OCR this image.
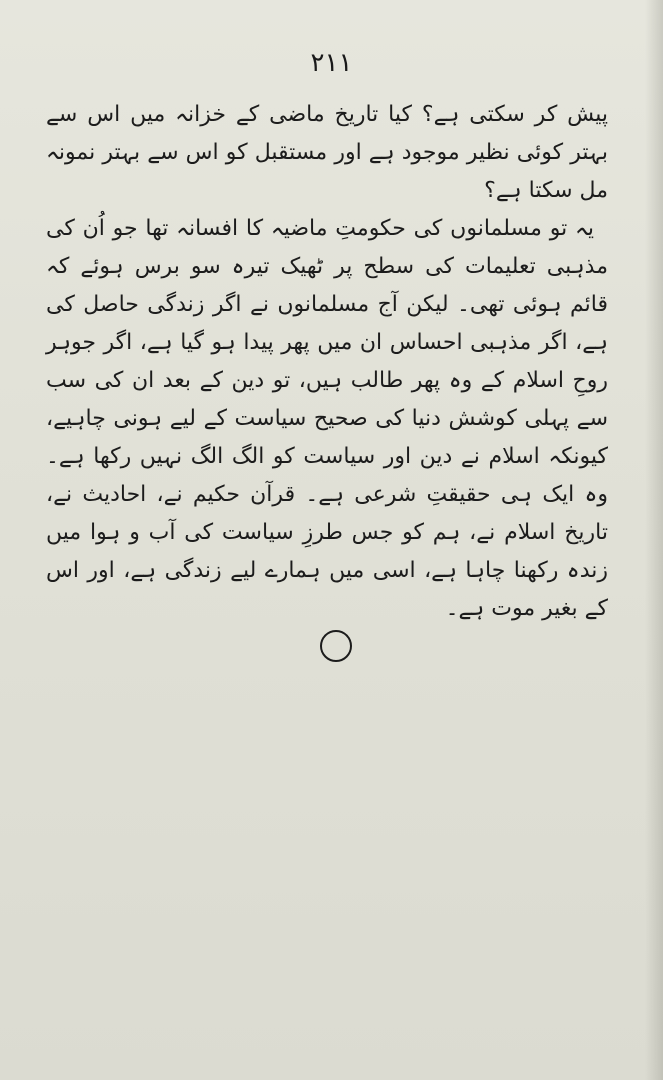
۲۱۱

پیش کر سکتی ہے؟ کیا تاریخ ماضی کے خزانہ میں اس سے بہتر کوئی نظیر موجود ہے اور مستقبل کو اس سے بہتر نمونہ مل سکتا ہے؟

یہ تو مسلمانوں کی حکومتِ ماضیہ کا افسانہ تھا جو اُن کی مذہبی تعلیمات کی سطح پر ٹھیک تیرہ سو برس ہوئے کہ قائم ہوئی تھی۔ لیکن آج مسلمانوں نے اگر زندگی حاصل کی ہے، اگر مذہبی احساس ان میں پھر پیدا ہو گیا ہے، اگر جوہر روحِ اسلام کے وہ پھر طالب ہیں، تو دین کے بعد ان کی سب سے پہلی کوشش دنیا کی صحیح سیاست کے لیے ہونی چاہیے، کیونکہ اسلام نے دین اور سیاست کو الگ الگ نہیں رکھا ہے۔ وہ ایک ہی حقیقتِ شرعی ہے۔ قرآن حکیم نے، احادیث نے، تاریخ اسلام نے، ہم کو جس طرزِ سیاست کی آب و ہوا میں زندہ رکھنا چاہا ہے، اسی میں ہمارے لیے زندگی ہے، اور اس کے بغیر موت ہے۔
